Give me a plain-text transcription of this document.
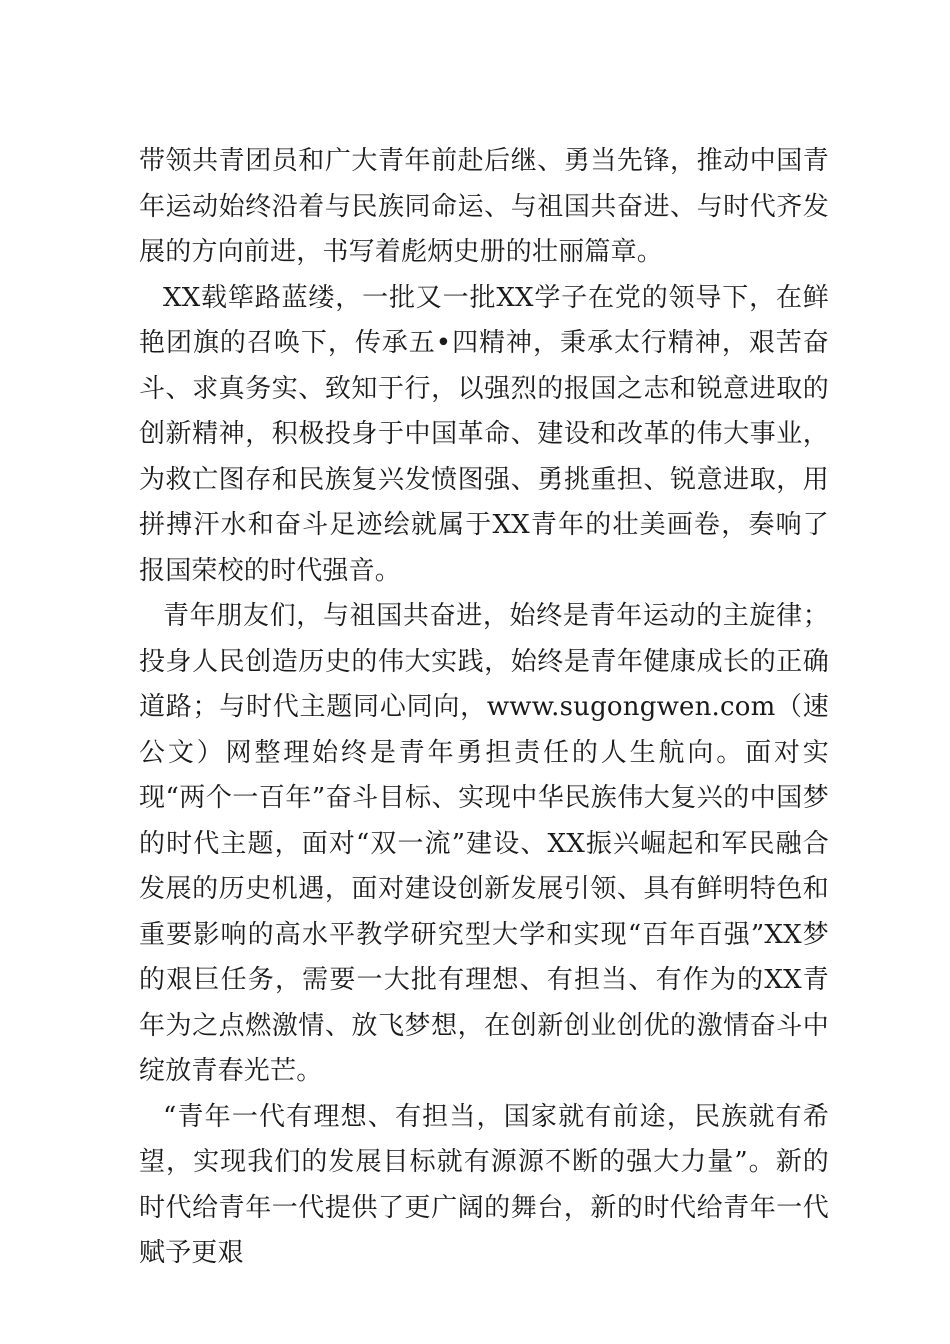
带领共青团员和广大青年前赴后继、勇当先锋，推动中国青年运动始终沿着与民族同命运、与祖国共奋进、与时代齐发展的方向前进，书写着彪炳史册的壮丽篇章。

XX载筚路蓝缕，一批又一批XX学子在党的领导下，在鲜艳团旗的召唤下，传承五•四精神，秉承太行精神，艰苦奋斗、求真务实、致知于行，以强烈的报国之志和锐意进取的创新精神，积极投身于中国革命、建设和改革的伟大事业，为救亡图存和民族复兴发愤图强、勇挑重担、锐意进取，用拼搏汗水和奋斗足迹绘就属于XX青年的壮美画卷，奏响了报国荣校的时代强音。

青年朋友们，与祖国共奋进，始终是青年运动的主旋律；投身人民创造历史的伟大实践，始终是青年健康成长的正确道路；与时代主题同心同向，www.sugongwen.com（速公文）网整理始终是青年勇担责任的人生航向。面对实现“两个一百年”奋斗目标、实现中华民族伟大复兴的中国梦的时代主题，面对“双一流”建设、XX振兴崛起和军民融合发展的历史机遇，面对建设创新发展引领、具有鲜明特色和重要影响的高水平教学研究型大学和实现“百年百强”XX梦的艰巨任务，需要一大批有理想、有担当、有作为的XX青年为之点燃激情、放飞梦想，在创新创业创优的激情奋斗中绽放青春光芒。

“青年一代有理想、有担当，国家就有前途，民族就有希望，实现我们的发展目标就有源源不断的强大力量”。新的时代给青年一代提供了更广阔的舞台，新的时代给青年一代赋予更艰
